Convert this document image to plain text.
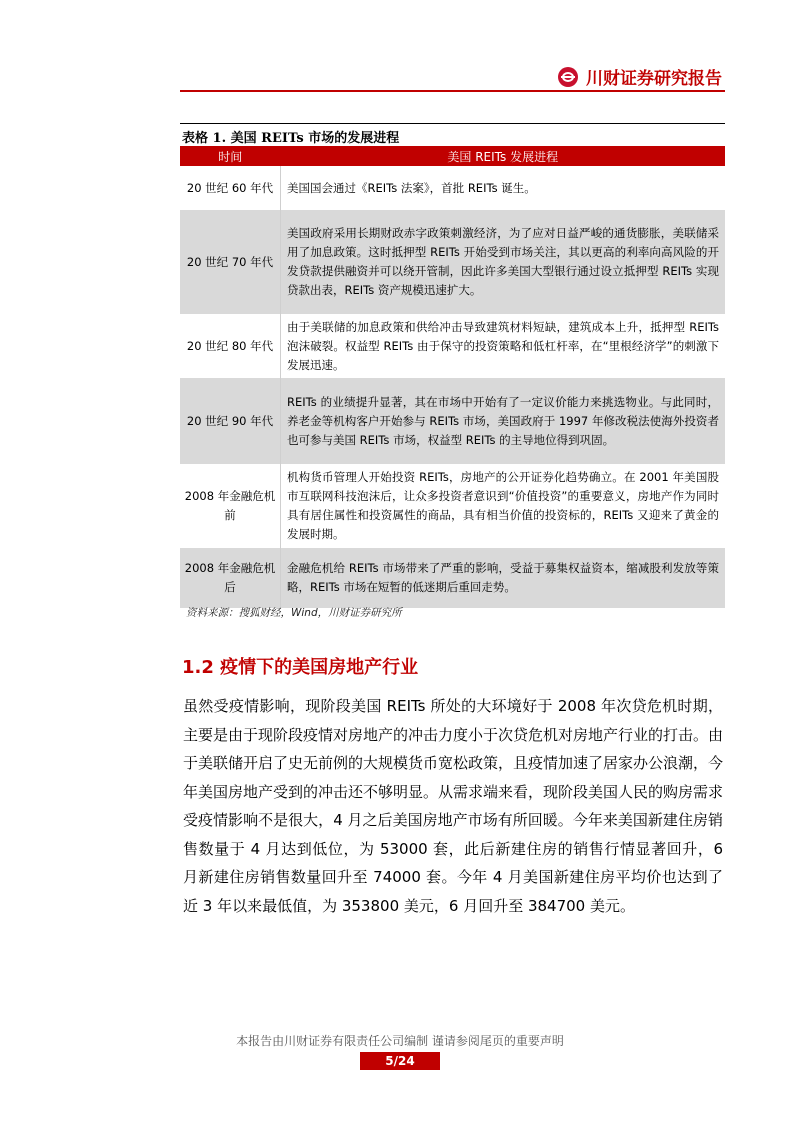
川财证券研究报告
表格 1. 美国 REITs 市场的发展进程
时间	美国 REITs 发展进程
20 世纪 60 年代	美国国会通过《REITs 法案》，首批 REITs 诞生。
20 世纪 70 年代	美国政府采用长期财政赤字政策刺激经济，为了应对日益严峻的通货膨胀，美联储采用了加息政策。这时抵押型 REITs 开始受到市场关注，其以更高的利率向高风险的开发贷款提供融资并可以绕开管制，因此许多美国大型银行通过设立抵押型 REITs 实现贷款出表，REITs 资产规模迅速扩大。
20 世纪 80 年代	由于美联储的加息政策和供给冲击导致建筑材料短缺，建筑成本上升，抵押型 REITs 泡沫破裂。权益型 REITs 由于保守的投资策略和低杠杆率，在“里根经济学”的刺激下发展迅速。
20 世纪 90 年代	REITs 的业绩提升显著，其在市场中开始有了一定议价能力来挑选物业。与此同时，养老金等机构客户开始参与 REITs 市场，美国政府于 1997 年修改税法使海外投资者也可参与美国 REITs 市场，权益型 REITs 的主导地位得到巩固。
2008 年金融危机前	机构货币管理人开始投资 REITs，房地产的公开证券化趋势确立。在 2001 年美国股市互联网科技泡沫后，让众多投资者意识到“价值投资”的重要意义，房地产作为同时具有居住属性和投资属性的商品，具有相当价值的投资标的，REITs 又迎来了黄金的发展时期。
2008 年金融危机后	金融危机给 REITs 市场带来了严重的影响，受益于募集权益资本，缩减股利发放等策略，REITs 市场在短暂的低迷期后重回走势。
资料来源：搜狐财经，Wind，川财证券研究所
1.2 疫情下的美国房地产行业
虽然受疫情影响，现阶段美国 REITs 所处的大环境好于 2008 年次贷危机时期，主要是由于现阶段疫情对房地产的冲击力度小于次贷危机对房地产行业的打击。由于美联储开启了史无前例的大规模货币宽松政策，且疫情加速了居家办公浪潮，今年美国房地产受到的冲击还不够明显。从需求端来看，现阶段美国人民的购房需求受疫情影响不是很大，4 月之后美国房地产市场有所回暖。今年来美国新建住房销售数量于 4 月达到低位，为 53000 套，此后新建住房的销售行情显著回升，6 月新建住房销售数量回升至 74000 套。今年 4 月美国新建住房平均价也达到了近 3 年以来最低值，为 353800 美元，6 月回升至 384700 美元。
本报告由川财证券有限责任公司编制 谨请参阅尾页的重要声明
5/24
